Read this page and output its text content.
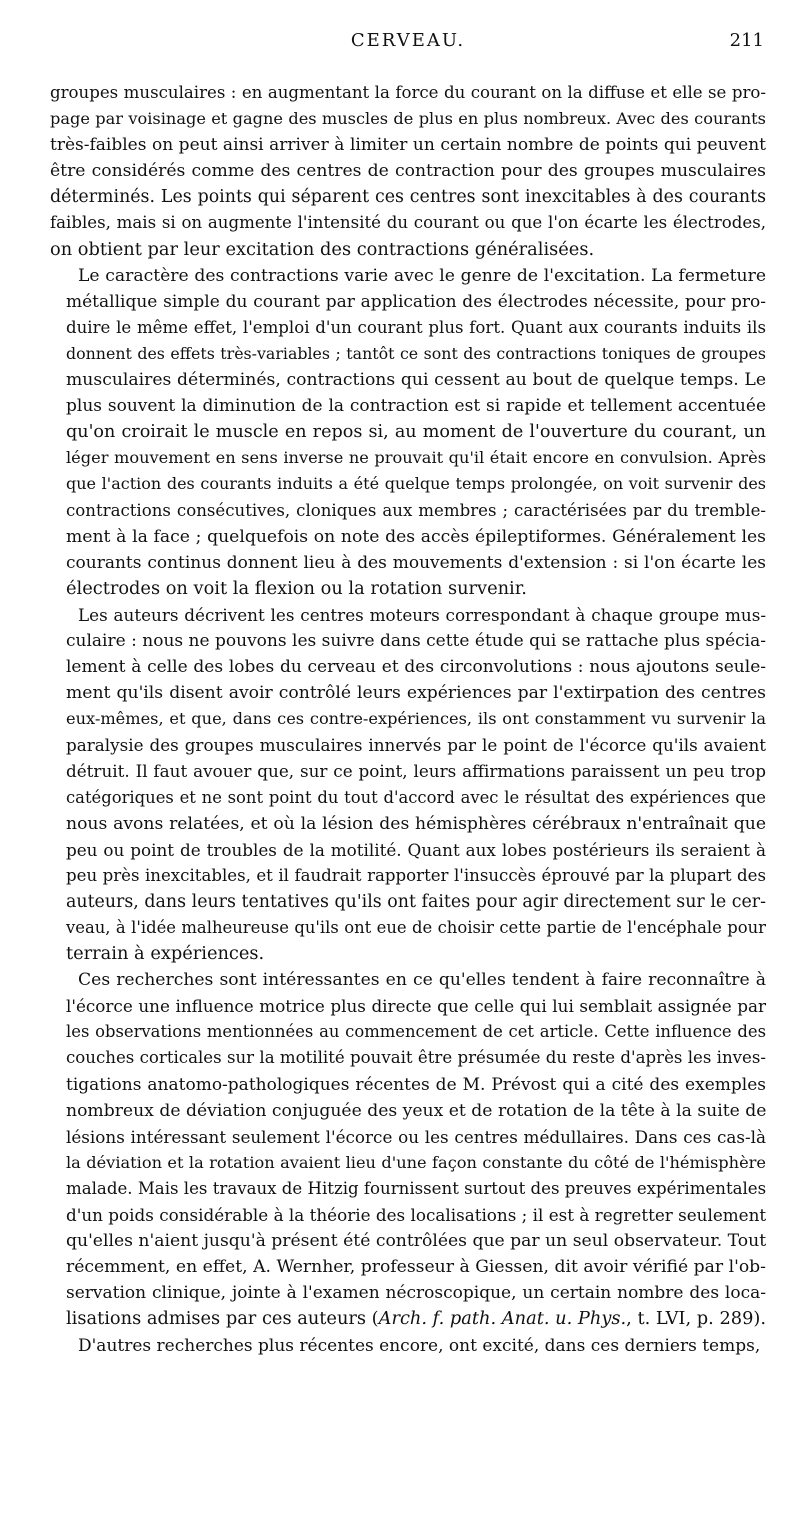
CERVEAU.	211
groupes musculaires : en augmentant la force du courant on la diffuse et elle se pro-
page par voisinage et gagne des muscles de plus en plus nombreux. Avec des courants
très-faibles on peut ainsi arriver à limiter un certain nombre de points qui peuvent
être considérés comme des centres de contraction pour des groupes musculaires
déterminés. Les points qui séparent ces centres sont inexcitables à des courants
faibles, mais si on augmente l'intensité du courant ou que l'on écarte les électrodes,
on obtient par leur excitation des contractions généralisées.
Le caractère des contractions varie avec le genre de l'excitation. La fermeture
métallique simple du courant par application des électrodes nécessite, pour pro-
duire le même effet, l'emploi d'un courant plus fort. Quant aux courants induits ils
donnent des effets très-variables ; tantôt ce sont des contractions toniques de groupes
musculaires déterminés, contractions qui cessent au bout de quelque temps. Le
plus souvent la diminution de la contraction est si rapide et tellement accentuée
qu'on croirait le muscle en repos si, au moment de l'ouverture du courant, un
léger mouvement en sens inverse ne prouvait qu'il était encore en convulsion. Après
que l'action des courants induits a été quelque temps prolongée, on voit survenir des
contractions consécutives, cloniques aux membres ; caractérisées par du tremble-
ment à la face ; quelquefois on note des accès épileptiformes. Généralement les
courants continus donnent lieu à des mouvements d'extension : si l'on écarte les
électrodes on voit la flexion ou la rotation survenir.
Les auteurs décrivent les centres moteurs correspondant à chaque groupe mus-
culaire : nous ne pouvons les suivre dans cette étude qui se rattache plus spécia-
lement à celle des lobes du cerveau et des circonvolutions : nous ajoutons seule-
ment qu'ils disent avoir contrôlé leurs expériences par l'extirpation des centres
eux-mêmes, et que, dans ces contre-expériences, ils ont constamment vu survenir la
paralysie des groupes musculaires innervés par le point de l'écorce qu'ils avaient
détruit. Il faut avouer que, sur ce point, leurs affirmations paraissent un peu trop
catégoriques et ne sont point du tout d'accord avec le résultat des expériences que
nous avons relatées, et où la lésion des hémisphères cérébraux n'entraînait que
peu ou point de troubles de la motilité. Quant aux lobes postérieurs ils seraient à
peu près inexcitables, et il faudrait rapporter l'insuccès éprouvé par la plupart des
auteurs, dans leurs tentatives qu'ils ont faites pour agir directement sur le cer-
veau, à l'idée malheureuse qu'ils ont eue de choisir cette partie de l'encéphale pour
terrain à expériences.
Ces recherches sont intéressantes en ce qu'elles tendent à faire reconnaître à
l'écorce une influence motrice plus directe que celle qui lui semblait assignée par
les observations mentionnées au commencement de cet article. Cette influence des
couches corticales sur la motilité pouvait être présumée du reste d'après les inves-
tigations anatomo-pathologiques récentes de M. Prévost qui a cité des exemples
nombreux de déviation conjuguée des yeux et de rotation de la tête à la suite de
lésions intéressant seulement l'écorce ou les centres médullaires. Dans ces cas-là
la déviation et la rotation avaient lieu d'une façon constante du côté de l'hémisphère
malade. Mais les travaux de Hitzig fournissent surtout des preuves expérimentales
d'un poids considérable à la théorie des localisations ; il est à regretter seulement
qu'elles n'aient jusqu'à présent été contrôlées que par un seul observateur. Tout
récemment, en effet, A. Wernher, professeur à Giessen, dit avoir vérifié par l'ob-
servation clinique, jointe à l'examen nécroscopique, un certain nombre des loca-
lisations admises par ces auteurs (Arch. f. path. Anat. u. Phys., t. LVI, p. 289).
D'autres recherches plus récentes encore, ont excité, dans ces derniers temps,
